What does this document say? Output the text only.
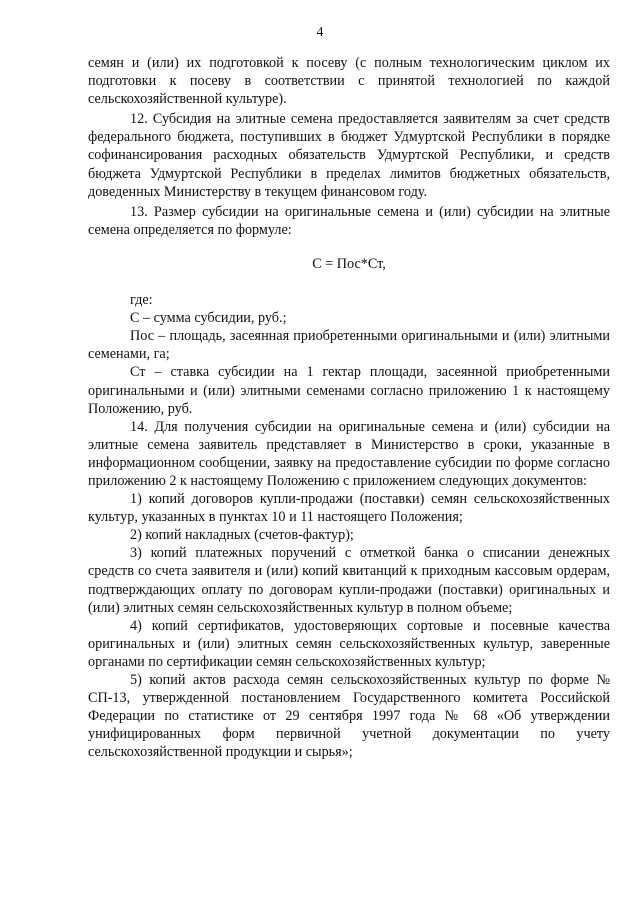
4

семян и (или) их подготовкой к посеву (с полным технологическим циклом их подготовки к посеву в соответствии с принятой технологией по каждой сельскохозяйственной культуре).

12. Субсидия на элитные семена предоставляется заявителям за счет средств федерального бюджета, поступивших в бюджет Удмуртской Республики в порядке софинансирования расходных обязательств Удмуртской Республики, и средств бюджета Удмуртской Республики в пределах лимитов бюджетных обязательств, доведенных Министерству в текущем финансовом году.

13. Размер субсидии на оригинальные семена и (или) субсидии на элитные семена определяется по формуле:

С = Пос*Ст,

где:

С – сумма субсидии, руб.;

Пос – площадь, засеянная приобретенными оригинальными и (или) элитными семенами, га;

Ст – ставка субсидии на 1 гектар площади, засеянной приобретенными оригинальными и (или) элитными семенами согласно приложению 1 к настоящему Положению, руб.

14. Для получения субсидии на оригинальные семена и (или) субсидии на элитные семена заявитель представляет в Министерство в сроки, указанные в информационном сообщении, заявку на предоставление субсидии по форме согласно приложению 2 к настоящему Положению с приложением следующих документов:

1) копий договоров купли-продажи (поставки) семян сельскохозяйственных культур, указанных в пунктах 10 и 11 настоящего Положения;

2) копий накладных (счетов-фактур);

3) копий платежных поручений с отметкой банка о списании денежных средств со счета заявителя и (или) копий квитанций к приходным кассовым ордерам, подтверждающих оплату по договорам купли-продажи (поставки) оригинальных и (или) элитных семян сельскохозяйственных культур в полном объеме;

4) копий сертификатов, удостоверяющих сортовые и посевные качества оригинальных и (или) элитных семян сельскохозяйственных культур, заверенные органами по сертификации семян сельскохозяйственных культур;

5) копий актов расхода семян сельскохозяйственных культур по форме № СП-13, утвержденной постановлением Государственного комитета Российской Федерации по статистике от 29 сентября 1997 года № 68 «Об утверждении унифицированных форм первичной учетной документации по учету сельскохозяйственной продукции и сырья»;
